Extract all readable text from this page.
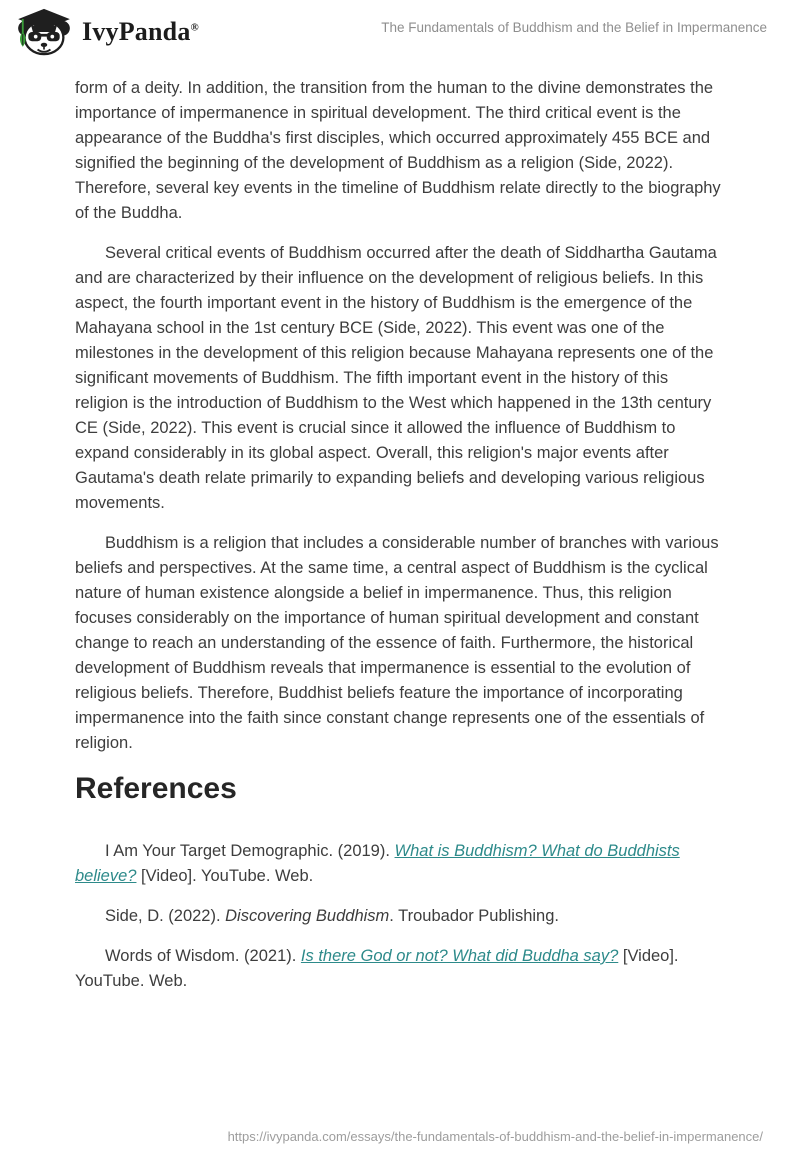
IvyPanda®	The Fundamentals of Buddhism and the Belief in Impermanence

form of a deity. In addition, the transition from the human to the divine demonstrates the importance of impermanence in spiritual development. The third critical event is the appearance of the Buddha's first disciples, which occurred approximately 455 BCE and signified the beginning of the development of Buddhism as a religion (Side, 2022). Therefore, several key events in the timeline of Buddhism relate directly to the biography of the Buddha.

Several critical events of Buddhism occurred after the death of Siddhartha Gautama and are characterized by their influence on the development of religious beliefs. In this aspect, the fourth important event in the history of Buddhism is the emergence of the Mahayana school in the 1st century BCE (Side, 2022). This event was one of the milestones in the development of this religion because Mahayana represents one of the significant movements of Buddhism. The fifth important event in the history of this religion is the introduction of Buddhism to the West which happened in the 13th century CE (Side, 2022). This event is crucial since it allowed the influence of Buddhism to expand considerably in its global aspect. Overall, this religion's major events after Gautama's death relate primarily to expanding beliefs and developing various religious movements.

Buddhism is a religion that includes a considerable number of branches with various beliefs and perspectives. At the same time, a central aspect of Buddhism is the cyclical nature of human existence alongside a belief in impermanence. Thus, this religion focuses considerably on the importance of human spiritual development and constant change to reach an understanding of the essence of faith. Furthermore, the historical development of Buddhism reveals that impermanence is essential to the evolution of religious beliefs. Therefore, Buddhist beliefs feature the importance of incorporating impermanence into the faith since constant change represents one of the essentials of religion.

References

I Am Your Target Demographic. (2019). What is Buddhism? What do Buddhists believe? [Video]. YouTube. Web.

Side, D. (2022). Discovering Buddhism. Troubador Publishing.

Words of Wisdom. (2021). Is there God or not? What did Buddha say? [Video]. YouTube. Web.

https://ivypanda.com/essays/the-fundamentals-of-buddhism-and-the-belief-in-impermanence/
